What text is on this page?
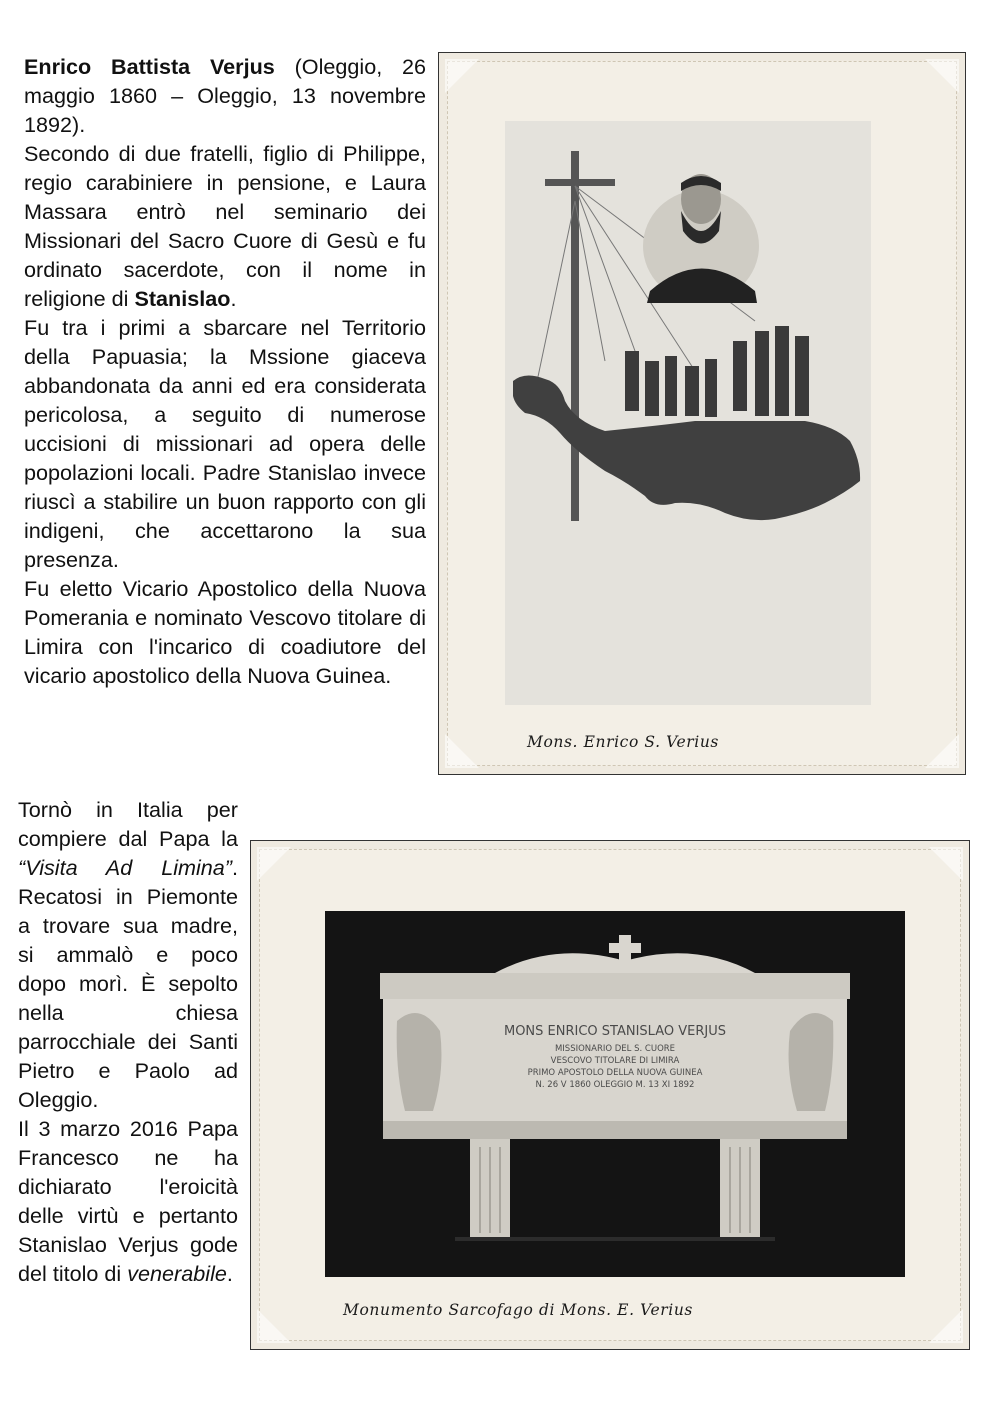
Enrico Battista Verjus (Oleggio, 26 maggio 1860 – Oleggio, 13 novembre 1892).
Secondo di due fratelli, figlio di Philippe, regio carabiniere in pensione, e Laura Massara entrò nel seminario dei Missionari del Sacro Cuore di Gesù e fu ordinato sacerdote, con il nome in religione di Stanislao.
Fu tra i primi a sbarcare nel Territorio della Papuasia; la Mssione giaceva abbandonata da anni ed era considerata pericolosa, a seguito di numerose uccisioni di missionari ad opera delle popolazioni locali. Padre Stanislao invece riuscì a stabilire un buon rapporto con gli indigeni, che accettarono la sua presenza.
Fu eletto Vicario Apostolico della Nuova Pomerania e nominato Vescovo titolare di Limira con l'incarico di coadiutore del vicario apostolico della Nuova Guinea.

Tornò in Italia per compiere dal Papa la “Visita Ad Limina”. Recatosi in Piemonte a trovare sua madre, si ammalò e poco dopo morì. È sepolto nella chiesa parrocchiale dei Santi Pietro e Paolo ad Oleggio.
Il 3 marzo 2016 Papa Francesco ne ha dichiarato l'eroicità delle virtù e pertanto Stanislao Verjus gode del titolo di venerabile.

Mons. Enrico S. Verius
MONS ENRICO STANISLAO VERJUS
MISSIONARIO DEL S. CUORE
VESCOVO TITOLARE DI LIMIRA
PRIMO APOSTOLO DELLA NUOVA GUINEA
N. 26 V 1860 OLEGGIO M. 13 XI 1892
Monumento Sarcofago di Mons. E. Verius
